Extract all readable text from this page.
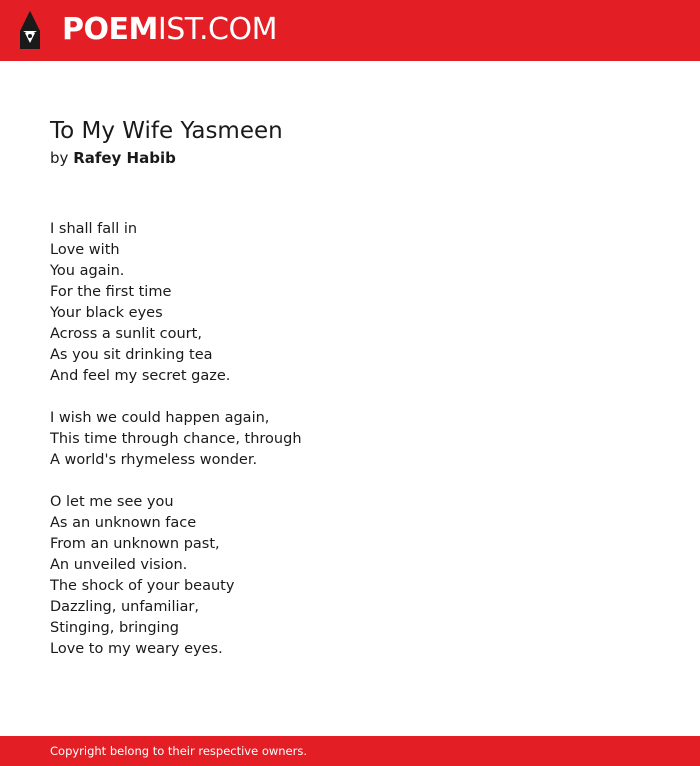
POEMIST.COM
To My Wife Yasmeen
by Rafey Habib
I shall fall in
Love with
You again.
For the first time
Your black eyes
Across a sunlit court,
As you sit drinking tea
And feel my secret gaze.
I wish we could happen again,
This time through chance, through
A world's rhymeless wonder.
O let me see you
As an unknown face
From an unknown past,
An unveiled vision.
The shock of your beauty
Dazzling, unfamiliar,
Stinging, bringing
Love to my weary eyes.
Copyright belong to their respective owners.
